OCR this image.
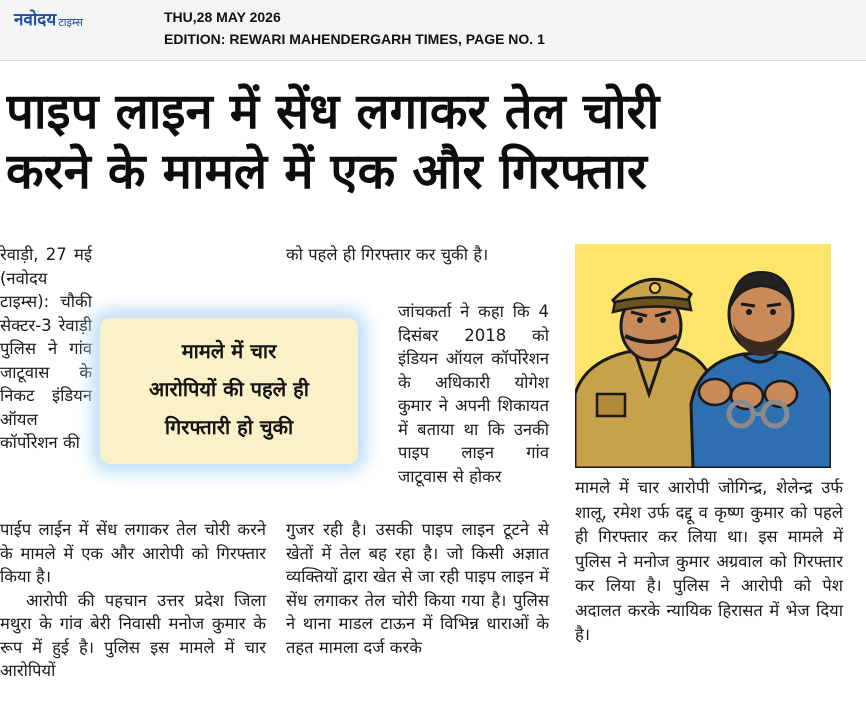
नवोदय टाइम्स	THU,28 MAY 2026
EDITION: REWARI MAHENDERGARH TIMES, PAGE NO. 1
पाइप लाइन में सेंध लगाकर तेल चोरी
करने के मामले में एक और गिरफ्तार

रेवाड़ी, 27 मई (नवोदय टाइम्स): चौकी सेक्टर-3 रेवाड़ी पुलिस ने गांव जाटूवास के निकट इंडियन ऑयल कॉर्पोरेशन की

पाईप लाईन में सेंध लगाकर तेल चोरी करने के मामले में एक और आरोपी को गिरफ्तार किया है।

आरोपी की पहचान उत्तर प्रदेश जिला मथुरा के गांव बेरी निवासी मनोज कुमार के रूप में हुई है। पुलिस इस मामले में चार आरोपियों

को पहले ही गिरफ्तार कर चुकी है।

जांचकर्ता ने कहा कि 4 दिसंबर 2018 को इंडियन ऑयल कॉर्पोरेशन के अधिकारी योगेश कुमार ने अपनी शिकायत में बताया था कि उनकी पाइप लाइन गांव जाटूवास से होकर

गुजर रही है। उसकी पाइप लाइन टूटने से खेतों में तेल बह रहा है। जो किसी अज्ञात व्यक्तियों द्वारा खेत से जा रही पाइप लाइन में सेंध लगाकर तेल चोरी किया गया है। पुलिस ने थाना माडल टाऊन में विभिन्न धाराओं के तहत मामला दर्ज करके

मामले में चार
आरोपियों की पहले ही
गिरफ्तारी हो चुकी

मामले में चार आरोपी जोगिन्द्र, शेलेन्द्र उर्फ शालू, रमेश उर्फ दद्दू व कृष्ण कुमार को पहले ही गिरफ्तार कर लिया था। इस मामले में पुलिस ने मनोज कुमार अग्रवाल को गिरफ्तार कर लिया है। पुलिस ने आरोपी को पेश अदालत करके न्यायिक हिरासत में भेज दिया है।
